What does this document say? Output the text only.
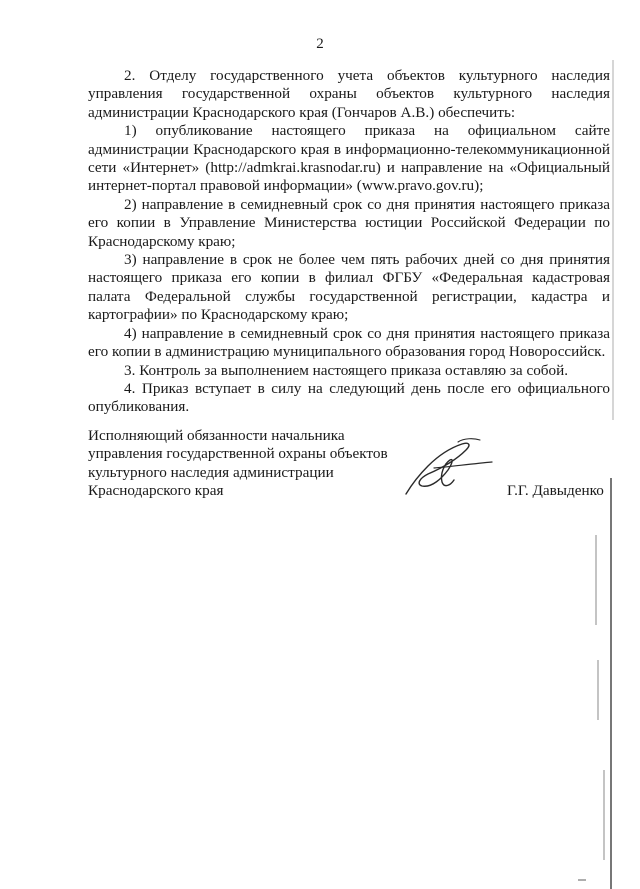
2

2. Отделу государственного учета объектов культурного наследия управления государственной охраны объектов культурного наследия администрации Краснодарского края (Гончаров А.В.) обеспечить:

1) опубликование настоящего приказа на официальном сайте администрации Краснодарского края в информационно-телекоммуникационной сети «Интернет» (http://admkrai.krasnodar.ru) и направление на «Официальный интернет-портал правовой информации» (www.pravo.gov.ru);

2) направление в семидневный срок со дня принятия настоящего приказа его копии в Управление Министерства юстиции Российской Федерации по Краснодарскому краю;

3) направление в срок не более чем пять рабочих дней со дня принятия настоящего приказа его копии в филиал ФГБУ «Федеральная кадастровая палата Федеральной службы государственной регистрации, кадастра и картографии» по Краснодарскому краю;

4) направление в семидневный срок со дня принятия настоящего приказа его копии в администрацию муниципального образования город Новороссийск.

3. Контроль за выполнением настоящего приказа оставляю за собой.

4. Приказ вступает в силу на следующий день после его официального опубликования.

Исполняющий обязанности начальника
управления государственной охраны объектов
культурного наследия администрации
Краснодарского края	Г.Г. Давыденко
